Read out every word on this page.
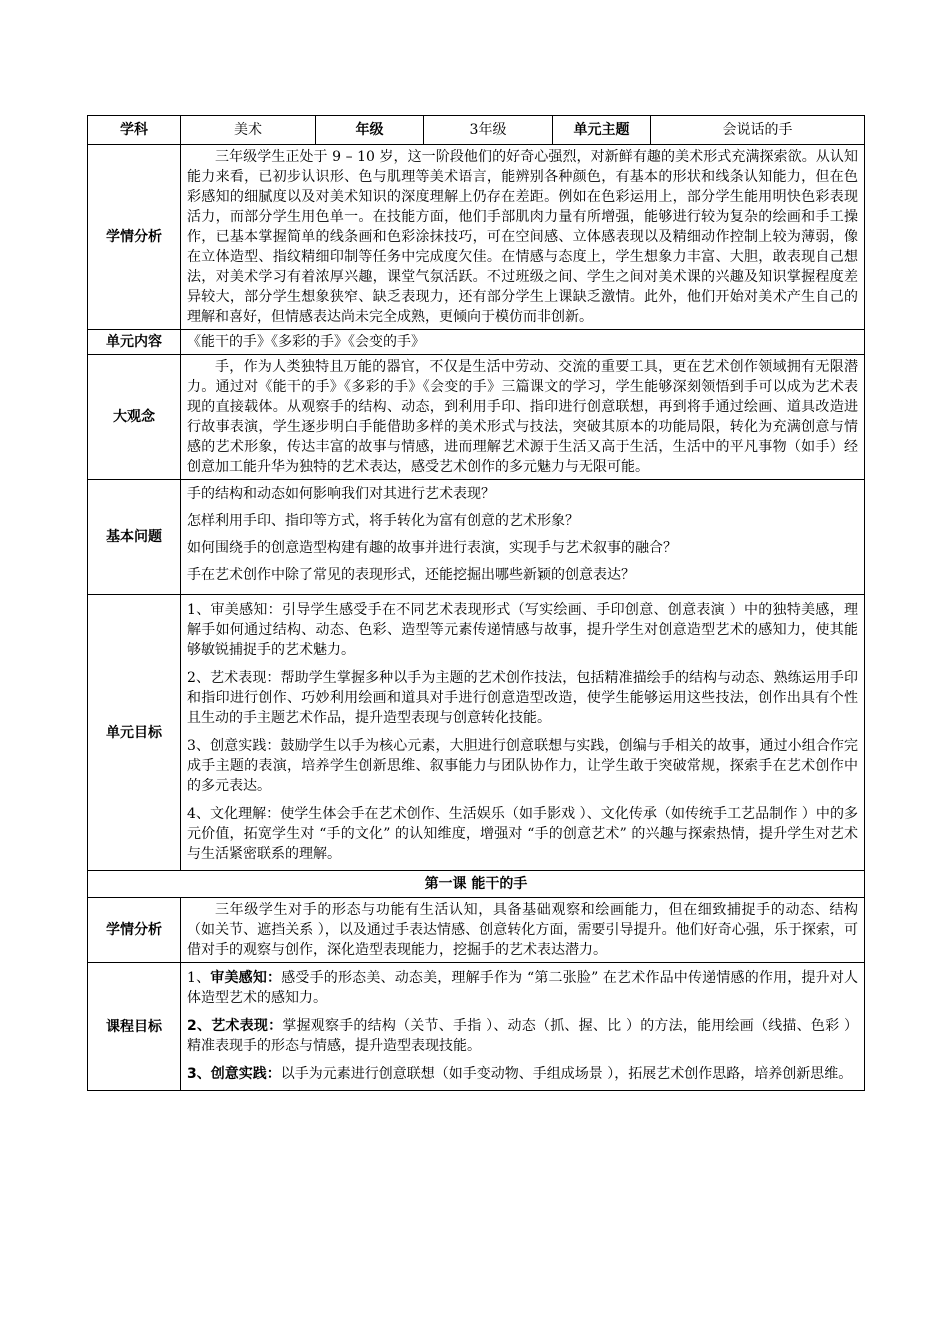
学科	美术	年级	3年级	单元主题	会说话的手
学情分析	三年级学生正处于 9 – 10 岁，这一阶段他们的好奇心强烈，对新鲜有趣的美术形式充满探索欲。从认知能力来看，已初步认识形、色与肌理等美术语言，能辨别各种颜色，有基本的形状和线条认知能力，但在色彩感知的细腻度以及对美术知识的深度理解上仍存在差距。例如在色彩运用上，部分学生能用明快色彩表现活力，而部分学生用色单一。在技能方面，他们手部肌肉力量有所增强，能够进行较为复杂的绘画和手工操作，已基本掌握简单的线条画和色彩涂抹技巧，可在空间感、立体感表现以及精细动作控制上较为薄弱，像在立体造型、指纹精细印制等任务中完成度欠佳。在情感与态度上，学生想象力丰富、大胆，敢表现自己想法，对美术学习有着浓厚兴趣，课堂气氛活跃。不过班级之间、学生之间对美术课的兴趣及知识掌握程度差异较大，部分学生想象狭窄、缺乏表现力，还有部分学生上课缺乏激情。此外，他们开始对美术产生自己的理解和喜好，但情感表达尚未完全成熟，更倾向于模仿而非创新。				

单元内容	《能干的手》《多彩的手》《会变的手》				
大观念	手，作为人类独特且万能的器官，不仅是生活中劳动、交流的重要工具，更在艺术创作领域拥有无限潜力。通过对《能干的手》《多彩的手》《会变的手》三篇课文的学习，学生能够深刻领悟到手可以成为艺术表现的直接载体。从观察手的结构、动态，到利用手印、指印进行创意联想，再到将手通过绘画、道具改造进行故事表演，学生逐步明白手能借助多样的美术形式与技法，突破其原本的功能局限，转化为充满创意与情感的艺术形象，传达丰富的故事与情感，进而理解艺术源于生活又高于生活，生活中的平凡事物（如手）经创意加工能升华为独特的艺术表达，感受艺术创作的多元魅力与无限可能。				

基本问题	手的结构和动态如何影响我们对其进行艺术表现？
怎样利用手印、指印等方式，将手转化为富有创意的艺术形象？
如何围绕手的创意造型构建有趣的故事并进行表演，实现手与艺术叙事的融合？
手在艺术创作中除了常见的表现形式，还能挖掘出哪些新颖的创意表达？				

单元目标	1、审美感知：引导学生感受手在不同艺术表现形式（写实绘画、手印创意、创意表演 ）中的独特美感，理解手如何通过结构、动态、色彩、造型等元素传递情感与故事，提升学生对创意造型艺术的感知力，使其能够敏锐捕捉手的艺术魅力。
2、艺术表现：帮助学生掌握多种以手为主题的艺术创作技法，包括精准描绘手的结构与动态、熟练运用手印和指印进行创作、巧妙利用绘画和道具对手进行创意造型改造，使学生能够运用这些技法，创作出具有个性且生动的手主题艺术作品，提升造型表现与创意转化技能。
3、创意实践：鼓励学生以手为核心元素，大胆进行创意联想与实践，创编与手相关的故事，通过小组合作完成手主题的表演，培养学生创新思维、叙事能力与团队协作力，让学生敢于突破常规，探索手在艺术创作中的多元表达。
4、文化理解：使学生体会手在艺术创作、生活娱乐（如手影戏 ）、文化传承（如传统手工艺品制作 ）中的多元价值，拓宽学生对 “手的文化” 的认知维度，增强对 “手的创意艺术” 的兴趣与探索热情，提升学生对艺术与生活紧密联系的理解。				

第一课 能干的手					
学情分析	三年级学生对手的形态与功能有生活认知，具备基础观察和绘画能力，但在细致捕捉手的动态、结构（如关节、遮挡关系 ），以及通过手表达情感、创意转化方面，需要引导提升。他们好奇心强，乐于探索，可借对手的观察与创作，深化造型表现能力，挖掘手的艺术表达潜力。				

课程目标	1、审美感知：感受手的形态美、动态美，理解手作为 “第二张脸” 在艺术作品中传递情感的作用，提升对人体造型艺术的感知力。
2、艺术表现：掌握观察手的结构（关节、手指 ）、动态（抓、握、比 ）的方法，能用绘画（线描、色彩 ）精准表现手的形态与情感，提升造型表现技能。
3、创意实践：以手为元素进行创意联想（如手变动物、手组成场景 ），拓展艺术创作思路，培养创新思维。				
